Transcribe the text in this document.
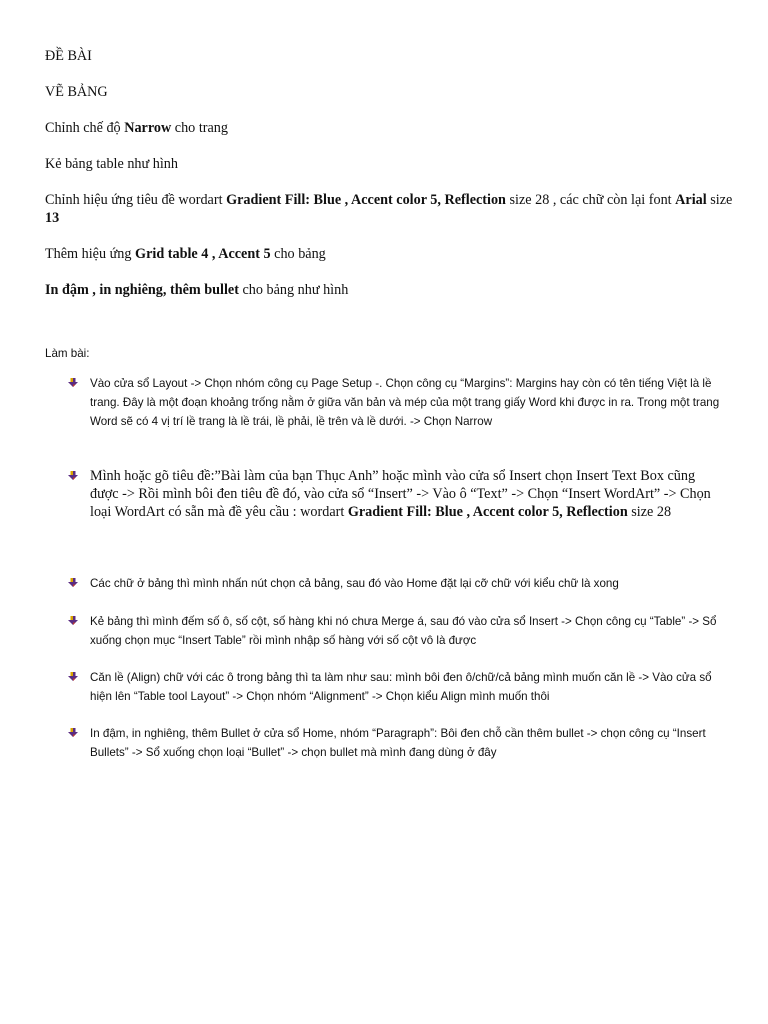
ĐỀ BÀI

VẼ BẢNG

Chỉnh chế độ Narrow cho trang

Kẻ bảng table như hình

Chỉnh hiệu ứng tiêu đề wordart Gradient Fill: Blue , Accent color 5, Reflection size 28 , các chữ còn lại font Arial size 13

Thêm hiệu ứng Grid table 4 , Accent 5 cho bảng

In đậm , in nghiêng, thêm bullet cho bảng như hình

Làm bài:

Vào cửa sổ Layout -> Chọn nhóm công cụ Page Setup -. Chọn công cụ “Margins”: Margins hay còn có tên tiếng Việt là lề trang. Đây là một đoạn khoảng trống nằm ở giữa văn bản và mép của một trang giấy Word khi được in ra. Trong một trang Word sẽ có 4 vị trí lề trang là lề trái, lề phải, lề trên và lề dưới. -> Chọn Narrow

Mình hoặc gõ tiêu đề:”Bài làm của bạn Thục Anh” hoặc mình vào cửa sổ Insert chọn Insert Text Box cũng được -> Rồi mình bôi đen tiêu đề đó, vào cửa sổ “Insert” -> Vào ô “Text” -> Chọn “Insert WordArt” -> Chọn loại WordArt có sẵn mà đề yêu cầu : wordart Gradient Fill: Blue , Accent color 5, Reflection size 28

Các chữ ở bảng thì mình nhấn nút chọn cả bảng, sau đó vào Home đặt lại cỡ chữ với kiểu chữ là xong

Kẻ bảng thì mình đếm số ô, số cột, số hàng khi nó chưa Merge á, sau đó vào cửa sổ Insert -> Chọn công cụ “Table” -> Sổ xuống chọn mục “Insert Table” rồi mình nhập số hàng với số cột vô là được

Căn lề (Align) chữ với các ô trong bảng thì ta làm như sau: mình bôi đen ô/chữ/cả bảng mình muốn căn lề -> Vào cửa sổ hiện lên “Table tool Layout” -> Chọn nhóm “Alignment” -> Chọn kiểu Align mình muốn thôi

In đậm, in nghiêng, thêm Bullet ở cửa sổ Home, nhóm “Paragraph”: Bôi đen chỗ cần thêm bullet -> chọn công cụ “Insert Bullets” -> Sổ xuống chọn loại “Bullet” -> chọn bullet mà mình đang dùng ở đây
